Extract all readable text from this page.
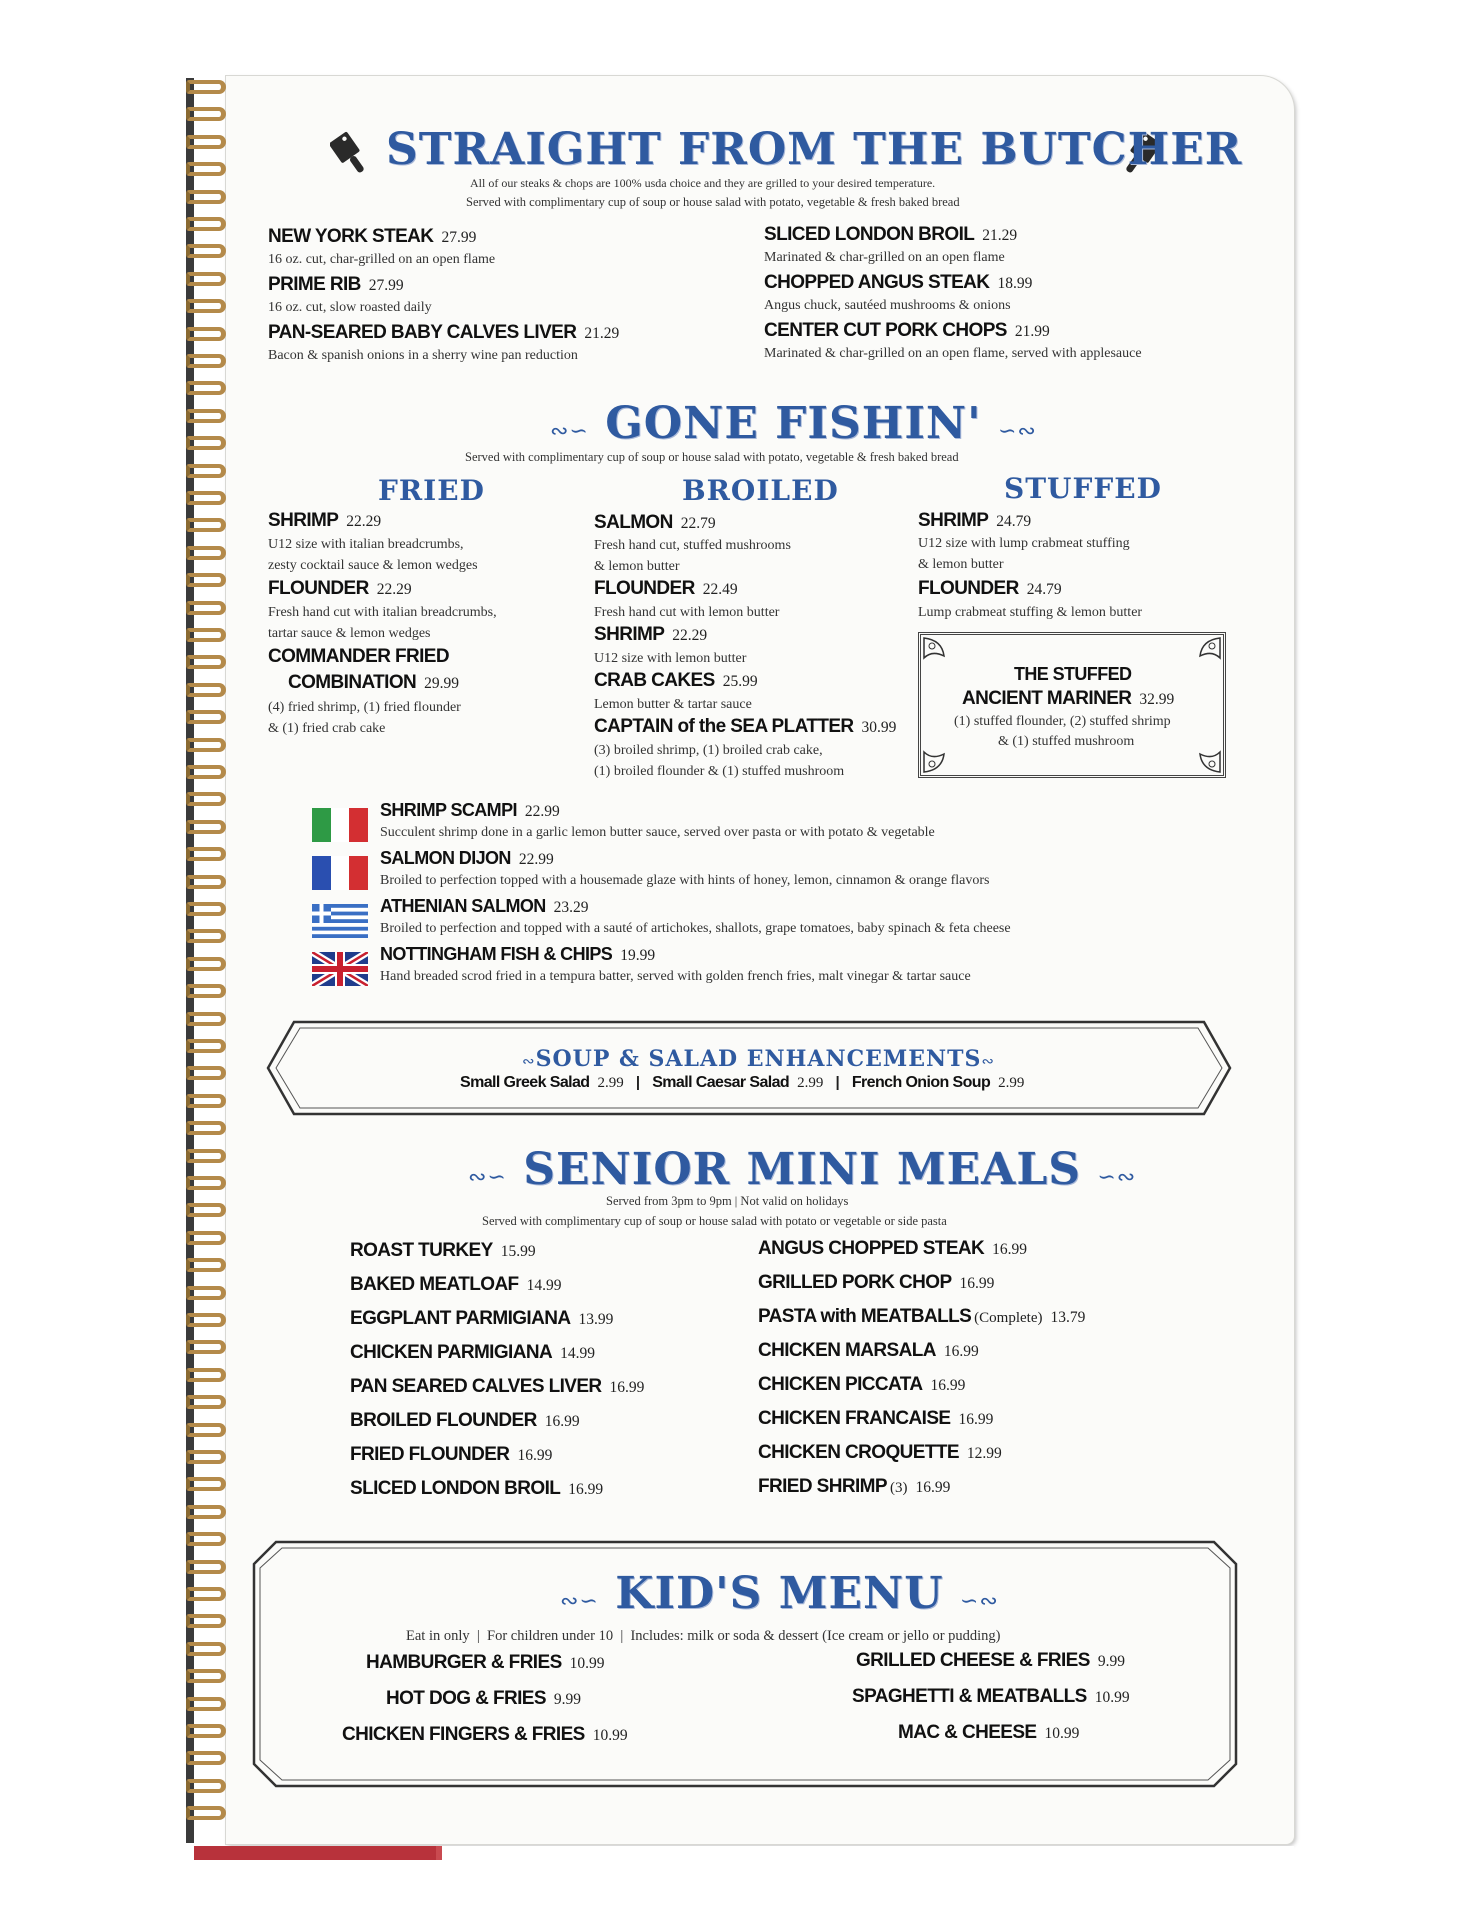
STRAIGHT FROM THE BUTCHER
All of our steaks & chops are 100% usda choice and they are grilled to your desired temperature.
Served with complimentary cup of soup or house salad with potato, vegetable & fresh baked bread
NEW YORK STEAK 27.99
16 oz. cut, char-grilled on an open flame
PRIME RIB 27.99
16 oz. cut, slow roasted daily
PAN-SEARED BABY CALVES LIVER 21.29
Bacon & spanish onions in a sherry wine pan reduction
SLICED LONDON BROIL 21.29
Marinated & char-grilled on an open flame
CHOPPED ANGUS STEAK 18.99
Angus chuck, sautéed mushrooms & onions
CENTER CUT PORK CHOPS 21.99
Marinated & char-grilled on an open flame, served with applesauce
∾∽ GONE FISHIN' ∽∾
Served with complimentary cup of soup or house salad with potato, vegetable & fresh baked bread
FRIED	BROILED	STUFFED
SHRIMP 22.29
U12 size with italian breadcrumbs,
zesty cocktail sauce & lemon wedges
FLOUNDER 22.29
Fresh hand cut with italian breadcrumbs,
tartar sauce & lemon wedges
COMMANDER FRIED
COMBINATION 29.99
(4) fried shrimp, (1) fried flounder
& (1) fried crab cake
SALMON 22.79
Fresh hand cut, stuffed mushrooms
& lemon butter
FLOUNDER 22.49
Fresh hand cut with lemon butter
SHRIMP 22.29
U12 size with lemon butter
CRAB CAKES 25.99
Lemon butter & tartar sauce
CAPTAIN of the SEA PLATTER 30.99
(3) broiled shrimp, (1) broiled crab cake,
(1) broiled flounder & (1) stuffed mushroom
SHRIMP 24.79
U12 size with lump crabmeat stuffing
& lemon butter
FLOUNDER 24.79
Lump crabmeat stuffing & lemon butter
THE STUFFED
ANCIENT MARINER 32.99
(1) stuffed flounder, (2) stuffed shrimp
& (1) stuffed mushroom
SHRIMP SCAMPI 22.99
Succulent shrimp done in a garlic lemon butter sauce, served over pasta or with potato & vegetable
SALMON DIJON 22.99
Broiled to perfection topped with a housemade glaze with hints of honey, lemon, cinnamon & orange flavors
ATHENIAN SALMON 23.29
Broiled to perfection and topped with a sauté of artichokes, shallots, grape tomatoes, baby spinach & feta cheese
NOTTINGHAM FISH & CHIPS 19.99
Hand breaded scrod fried in a tempura batter, served with golden french fries, malt vinegar & tartar sauce
∾SOUP & SALAD ENHANCEMENTS∾
Small Greek Salad 2.99 | Small Caesar Salad 2.99 | French Onion Soup 2.99
∾∽ SENIOR MINI MEALS ∽∾
Served from 3pm to 9pm | Not valid on holidays
Served with complimentary cup of soup or house salad with potato or vegetable or side pasta
ROAST TURKEY 15.99	ANGUS CHOPPED STEAK 16.99
BAKED MEATLOAF 14.99	GRILLED PORK CHOP 16.99
EGGPLANT PARMIGIANA 13.99	PASTA with MEATBALLS (Complete) 13.79
CHICKEN PARMIGIANA 14.99	CHICKEN MARSALA 16.99
PAN SEARED CALVES LIVER 16.99	CHICKEN PICCATA 16.99
BROILED FLOUNDER 16.99	CHICKEN FRANCAISE 16.99
FRIED FLOUNDER 16.99	CHICKEN CROQUETTE 12.99
SLICED LONDON BROIL 16.99	FRIED SHRIMP (3) 16.99
∾∽ KID'S MENU ∽∾
Eat in only  |  For children under 10  |  Includes: milk or soda & dessert (Ice cream or jello or pudding)
HAMBURGER & FRIES 10.99	GRILLED CHEESE & FRIES 9.99
HOT DOG & FRIES 9.99	SPAGHETTI & MEATBALLS 10.99
CHICKEN FINGERS & FRIES 10.99	MAC & CHEESE 10.99
